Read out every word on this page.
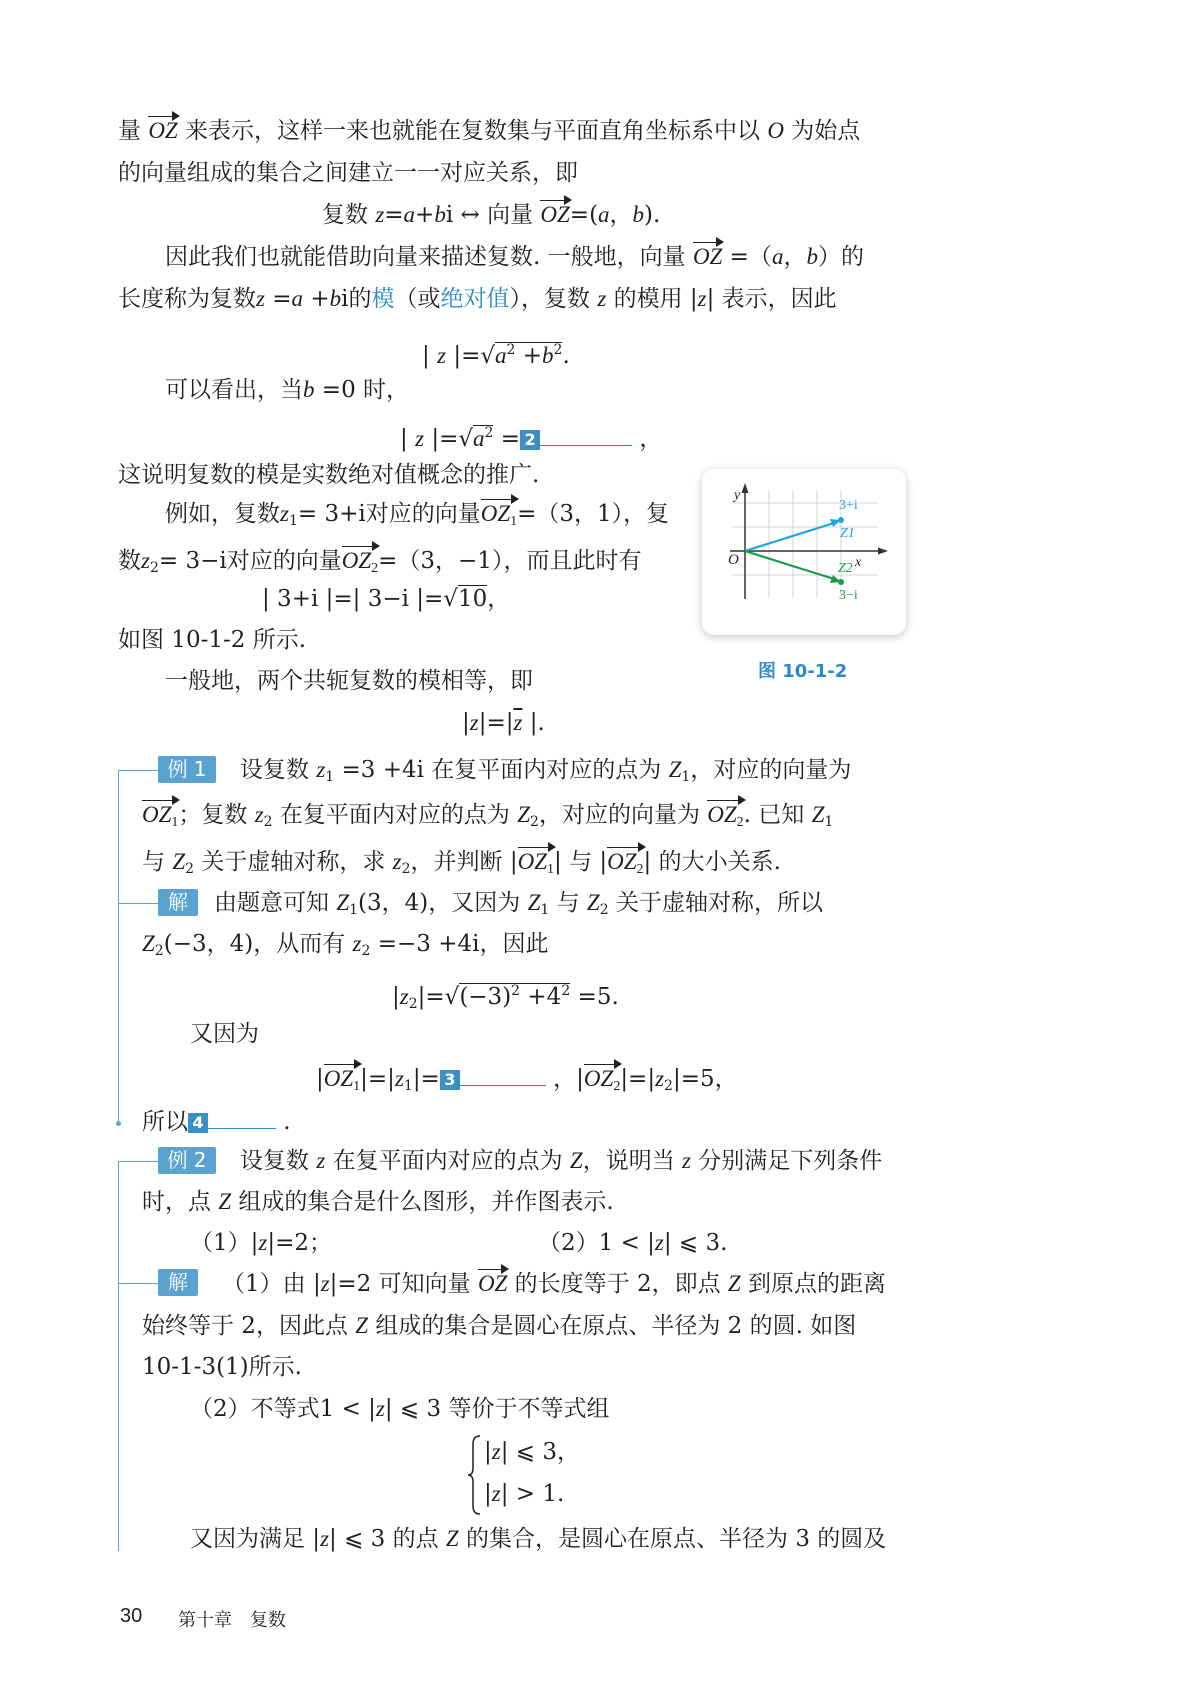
量 OZ 来表示，这样一来也就能在复数集与平面直角坐标系中以 O 为始点
的向量组成的集合之间建立一一对应关系，即
复数 z=a+bi ↔ 向量 OZ=(a，b).
因此我们也就能借助向量来描述复数. 一般地，向量 OZ =（a，b）的
长度称为复数z =a +bi的模（或绝对值），复数 z 的模用 |z| 表示，因此
| z $|=√a^2 +b^2$.
可以看出，当b =0 时，
| z $|=√a^2 = 2$	，
这说明复数的模是实数绝对值概念的推广.
例如，复数$z_1= 3+i$对应的向量$OZ_1=(3$，1），复
数$z_2= 3-i$对应的向量$OZ_2=(3$，−1），而且此时有
| 3+i |=| 3−i |=√10，
如图 10-1-2 所示.
一般地，两个共轭复数的模相等，即
$|z|=|\overline{z}$ |.
y
x
O
3+i
Z1
Z2
3−i
图 10-1-2
例 1	设复数 $z_1 =3 +4i$ 在复平面内对应的点为 $Z_1$，对应的向量为
$OZ_1$；复数 $z_2$ 在复平面内对应的点为 $Z_2$，对应的向量为 $OZ_2$. 已知 $Z_1$
与 $Z_2$ 关于虚轴对称，求 $z_2$，并判断 $|OZ_1|$ 与 $|OZ_2|$ 的大小关系.
解	由题意可知 $Z_1(3$，4)，又因为 $Z_1$ 与 $Z_2$ 关于虚轴对称，所以
$Z_2(-3$，4)，从而有 $z_2 =-3 +4i$，因此
$|z_2|=√(-3)^2 +4^2 =5$.
又因为
$|OZ_1|=|z_1|= 3$	，$|OZ_2|=|z_2|=5$，
所以 4	.
例 2	设复数 z 在复平面内对应的点为 Z，说明当 z 分别满足下列条件
时，点 Z 组成的集合是什么图形，并作图表示.
（1）|z|=2；	（2）1 < |z| ⩽ 3.
解	（1）由 |z|=2 可知向量 OZ 的长度等于 2，即点 Z 到原点的距离
始终等于 2，因此点 Z 组成的集合是圆心在原点、半径为 2 的圆. 如图
10-1-3(1)所示.
（2）不等式1 < |z| ⩽ 3 等价于不等式组
|z| ⩽ 3，
|z| > 1.
又因为满足 |z| ⩽ 3 的点 Z 的集合，是圆心在原点、半径为 3 的圆及
30 第十章　复数
